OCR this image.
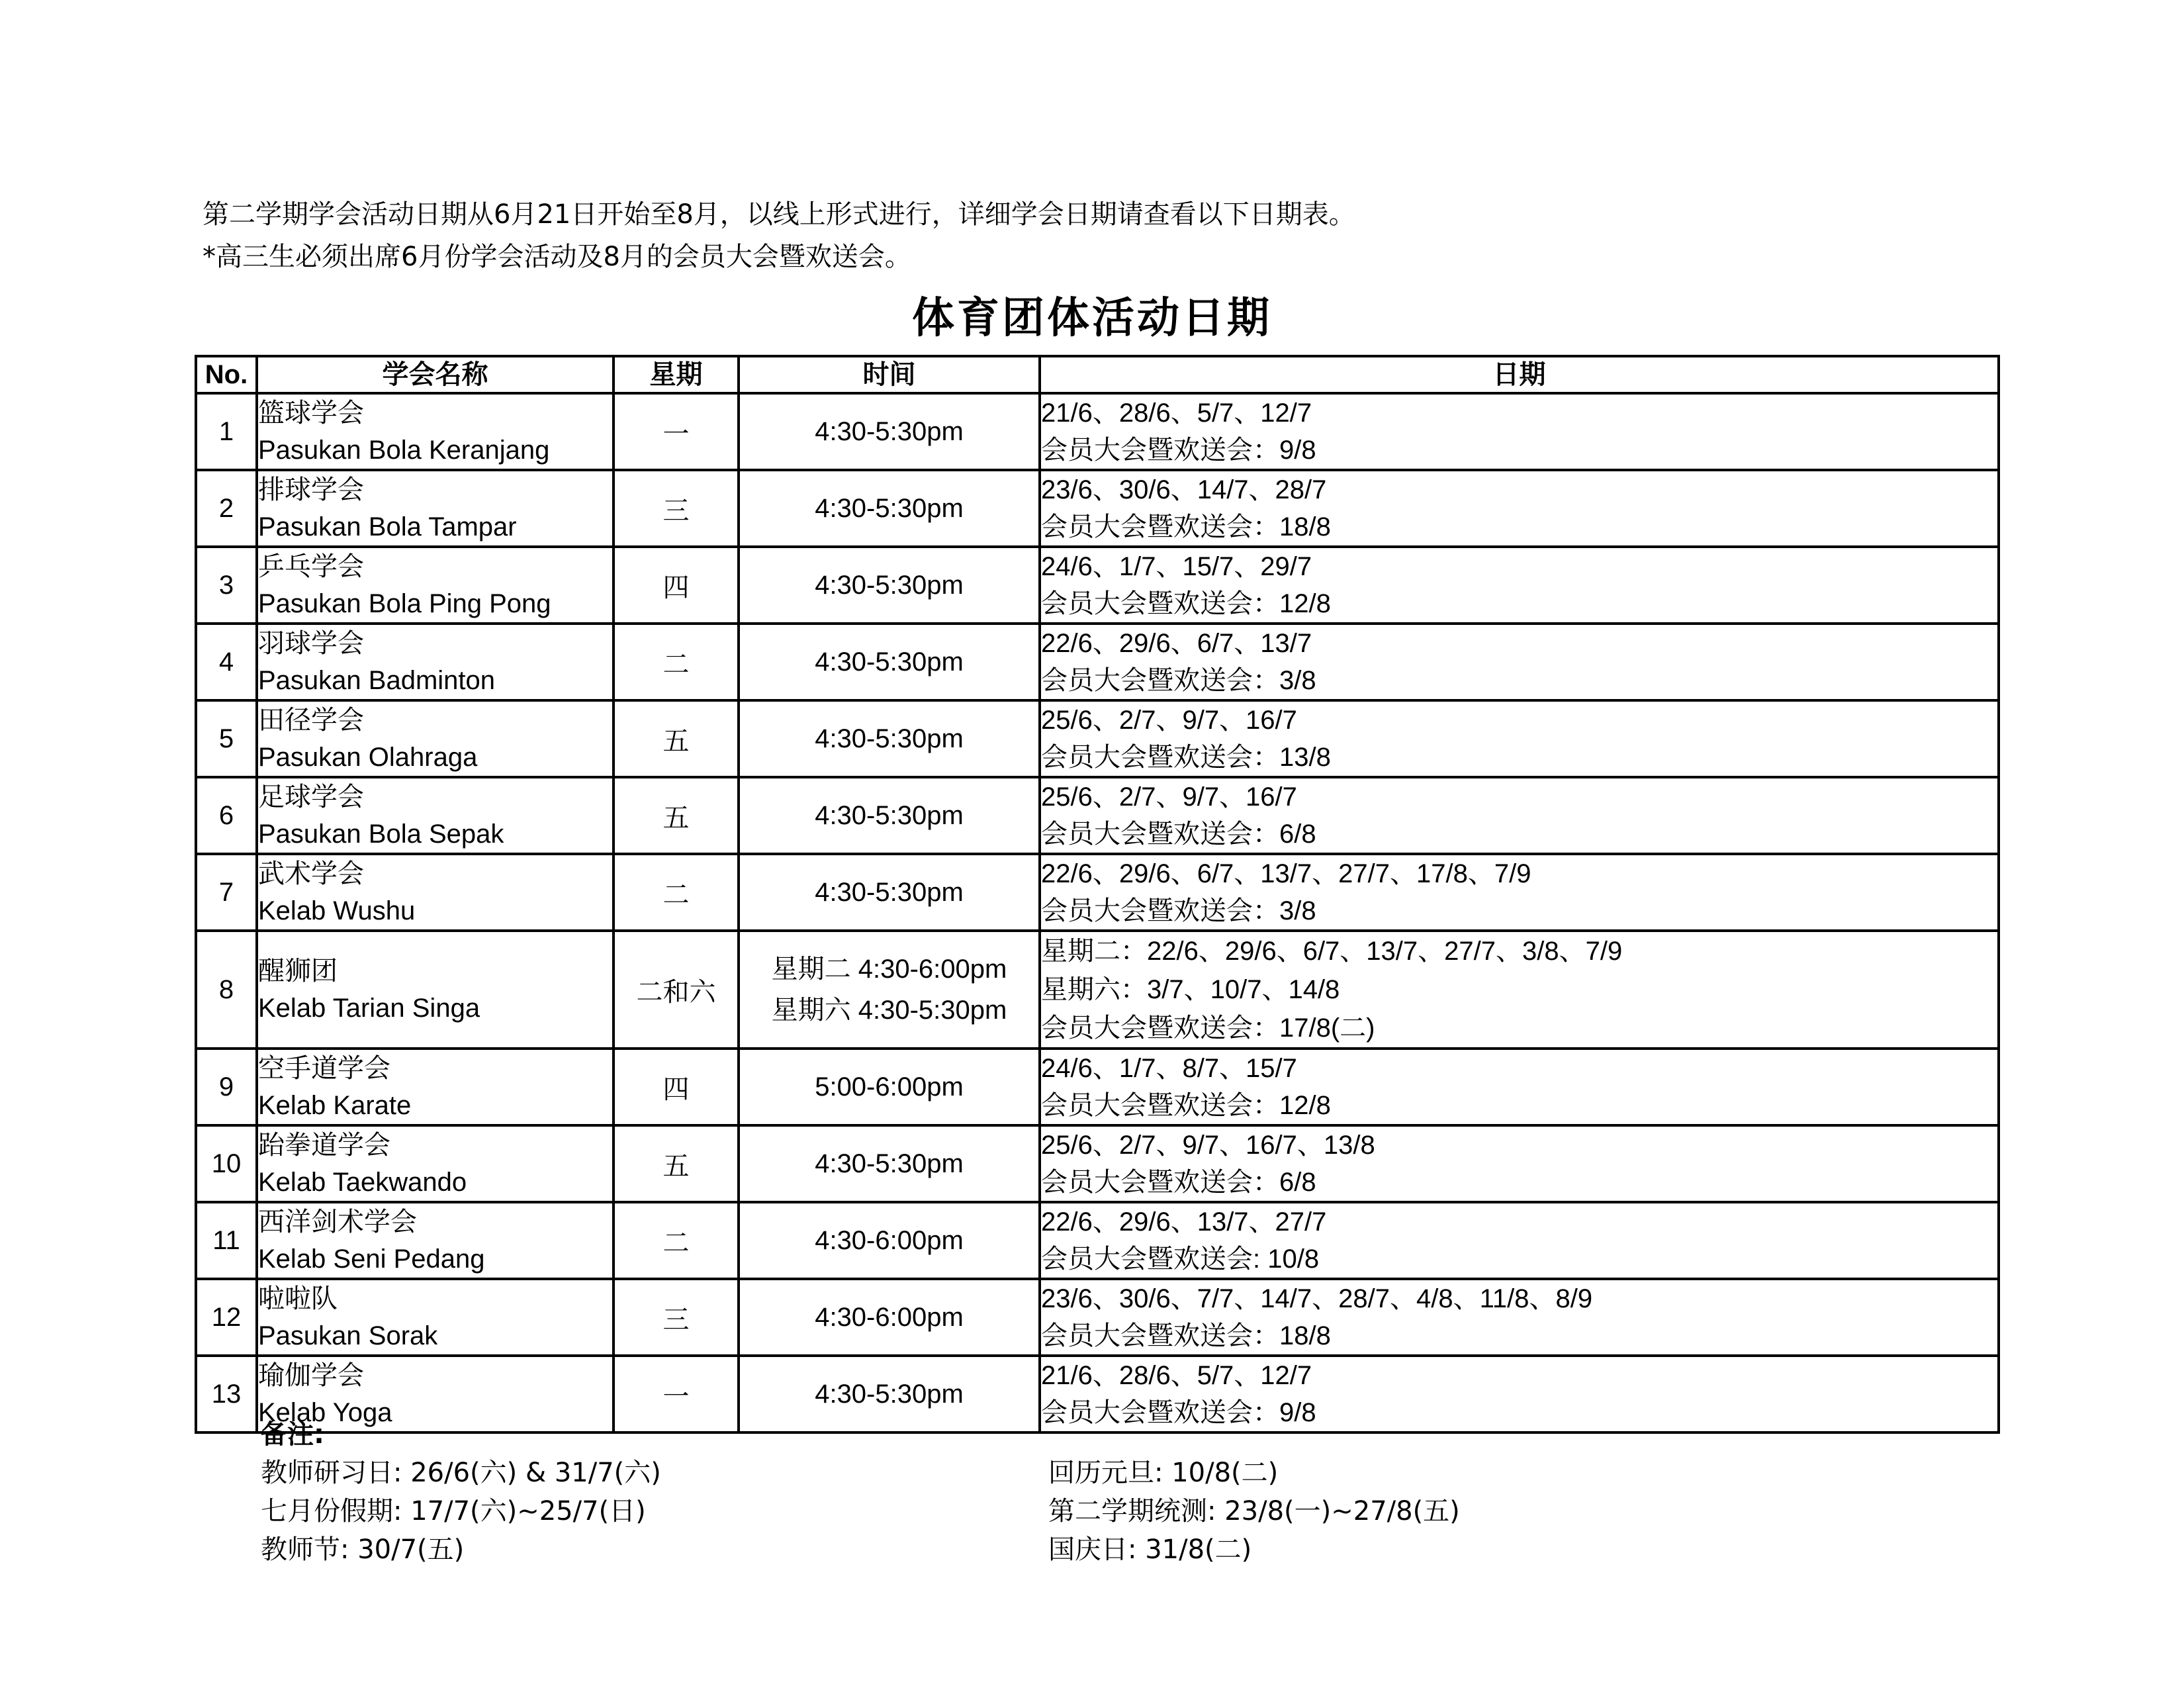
第二学期学会活动日期从6月21日开始至8月，以线上形式进行，详细学会日期请查看以下日期表。
*高三生必须出席6月份学会活动及8月的会员大会暨欢送会。
体育团体活动日期
No.	学会名称	星期	时间	日期
1	篮球学会
Pasukan Bola Keranjang	一	4:30-5:30pm	21/6、28/6、5/7、12/7
会员大会暨欢送会：9/8

2	排球学会
Pasukan Bola Tampar	三	4:30-5:30pm	23/6、30/6、14/7、28/7
会员大会暨欢送会：18/8

3	乒乓学会
Pasukan Bola Ping Pong	四	4:30-5:30pm	24/6、1/7、15/7、29/7
会员大会暨欢送会：12/8

4	羽球学会
Pasukan Badminton	二	4:30-5:30pm	22/6、29/6、6/7、13/7
会员大会暨欢送会：3/8

5	田径学会
Pasukan Olahraga	五	4:30-5:30pm	25/6、2/7、9/7、16/7
会员大会暨欢送会：13/8

6	足球学会
Pasukan Bola Sepak	五	4:30-5:30pm	25/6、2/7、9/7、16/7
会员大会暨欢送会：6/8

7	武术学会
Kelab Wushu	二	4:30-5:30pm	22/6、29/6、6/7、13/7、27/7、17/8、7/9
会员大会暨欢送会：3/8

8	醒狮团
Kelab Tarian Singa	二和六	星期二 4:30-6:00pm
星期六 4:30-5:30pm	星期二：22/6、29/6、6/7、13/7、27/7、3/8、7/9
星期六：3/7、10/7、14/8
会员大会暨欢送会：17/8(二)

9	空手道学会
Kelab Karate	四	5:00-6:00pm	24/6、1/7、8/7、15/7
会员大会暨欢送会：12/8

10	跆拳道学会
Kelab Taekwando	五	4:30-5:30pm	25/6、2/7、9/7、16/7、13/8
会员大会暨欢送会：6/8

11	西洋剑术学会
Kelab Seni Pedang	二	4:30-6:00pm	22/6、29/6、13/7、27/7
会员大会暨欢送会: 10/8

12	啦啦队
Pasukan Sorak	三	4:30-6:00pm	23/6、30/6、7/7、14/7、28/7、4/8、11/8、8/9
会员大会暨欢送会：18/8

13	瑜伽学会
Kelab Yoga	一	4:30-5:30pm	21/6、28/6、5/7、12/7
会员大会暨欢送会：9/8
备注:
教师研习日: 26/6(六) & 31/7(六)	回历元旦: 10/8(二)
七月份假期: 17/7(六)~25/7(日)	第二学期统测: 23/8(一)~27/8(五)
教师节: 30/7(五)	国庆日: 31/8(二)
